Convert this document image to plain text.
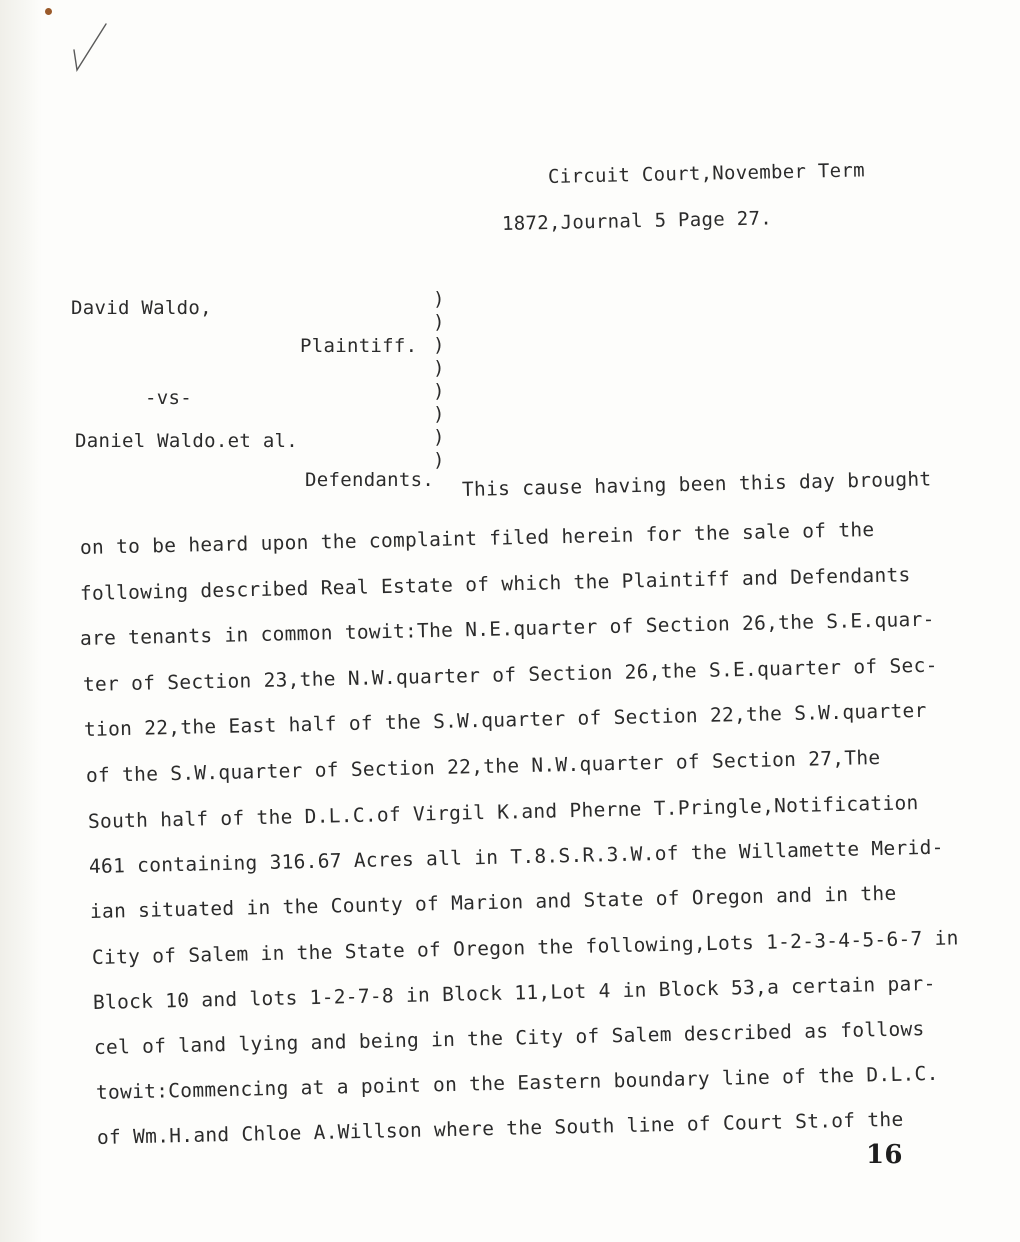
Circuit Court,November Term
1872,Journal 5 Page 27.
David Waldo,
Plaintiff.
-vs-
Daniel Waldo.et al.
Defendants.
)
)
)
)
)
)
)
)
This cause having been this day brought
on to be heard upon the complaint filed herein for the sale of the
following described Real Estate of which the Plaintiff and Defendants
are tenants in common towit:The N.E.quarter of Section 26,the S.E.quar-
ter of Section 23,the N.W.quarter of Section 26,the S.E.quarter of Sec-
tion 22,the East half of the S.W.quarter of Section 22,the S.W.quarter
of the S.W.quarter of Section 22,the N.W.quarter of Section 27,The
South half of the D.L.C.of Virgil K.and Pherne T.Pringle,Notification
461 containing 316.67 Acres all in T.8.S.R.3.W.of the Willamette Merid-
ian situated in the County of Marion and State of Oregon and in the
City of Salem in the State of Oregon the following,Lots 1-2-3-4-5-6-7 in
Block 10 and lots 1-2-7-8 in Block 11,Lot 4 in Block 53,a certain par-
cel of land lying and being in the City of Salem described as follows
towit:Commencing at a point on the Eastern boundary line of the D.L.C.
of Wm.H.and Chloe A.Willson where the South line of Court St.of the
16
